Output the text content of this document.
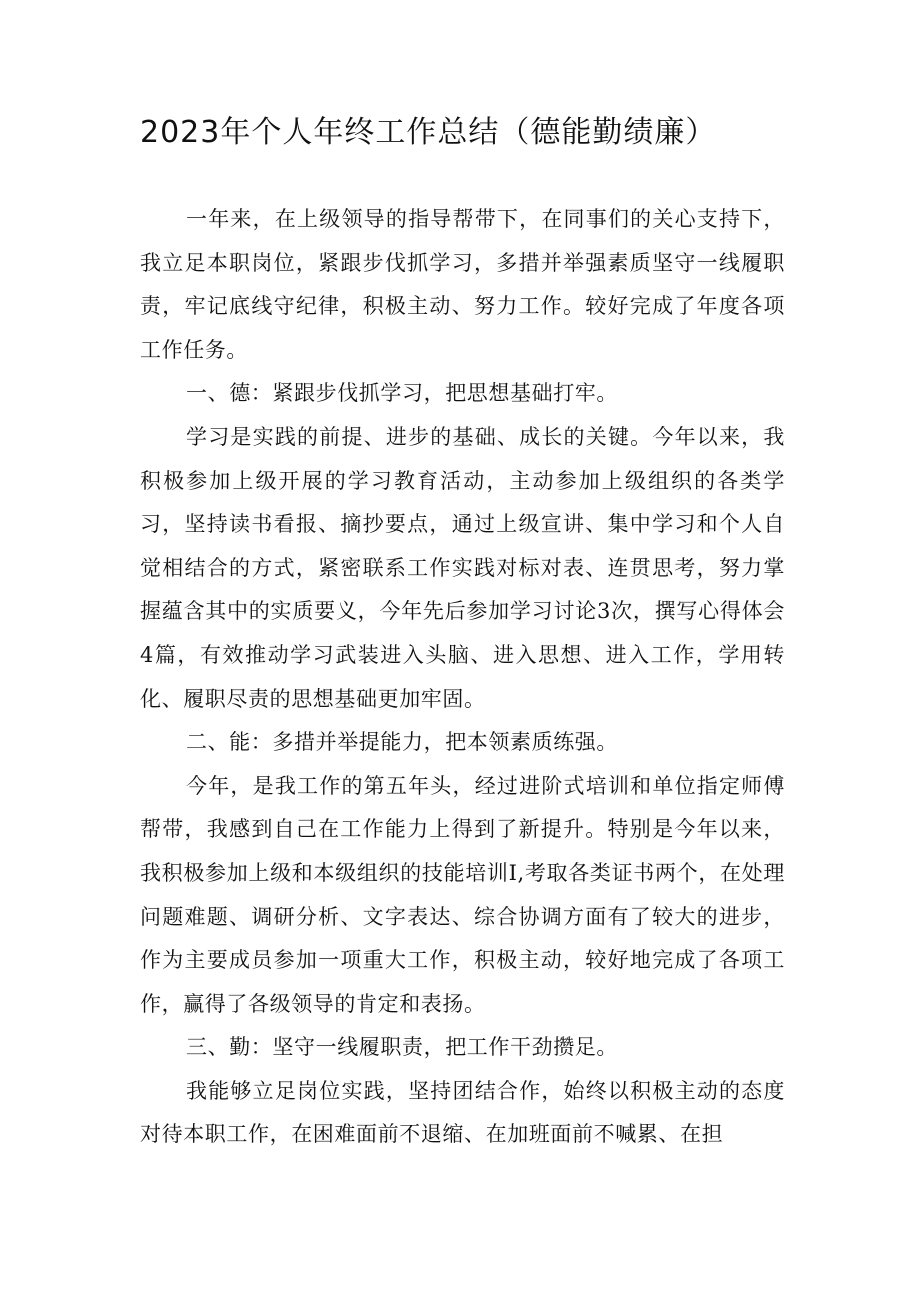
2023年个人年终工作总结（德能勤绩廉）

一年来，在上级领导的指导帮带下，在同事们的关心支持下，我立足本职岗位，紧跟步伐抓学习，多措并举强素质坚守一线履职责，牢记底线守纪律，积极主动、努力工作。较好完成了年度各项工作任务。

一、德：紧跟步伐抓学习，把思想基础打牢。

学习是实践的前提、进步的基础、成长的关键。今年以来，我积极参加上级开展的学习教育活动，主动参加上级组织的各类学习，坚持读书看报、摘抄要点，通过上级宣讲、集中学习和个人自觉相结合的方式，紧密联系工作实践对标对表、连贯思考，努力掌握蕴含其中的实质要义，今年先后参加学习讨论3次，撰写心得体会4篇，有效推动学习武装进入头脑、进入思想、进入工作，学用转化、履职尽责的思想基础更加牢固。

二、能：多措并举提能力，把本领素质练强。

今年，是我工作的第五年头，经过进阶式培训和单位指定师傅帮带，我感到自己在工作能力上得到了新提升。特别是今年以来，我积极参加上级和本级组织的技能培训I,考取各类证书两个，在处理问题难题、调研分析、文字表达、综合协调方面有了较大的进步，作为主要成员参加一项重大工作，积极主动，较好地完成了各项工作，赢得了各级领导的肯定和表扬。

三、勤：坚守一线履职责，把工作干劲攒足。

我能够立足岗位实践，坚持团结合作，始终以积极主动的态度对待本职工作，在困难面前不退缩、在加班面前不喊累、在担
